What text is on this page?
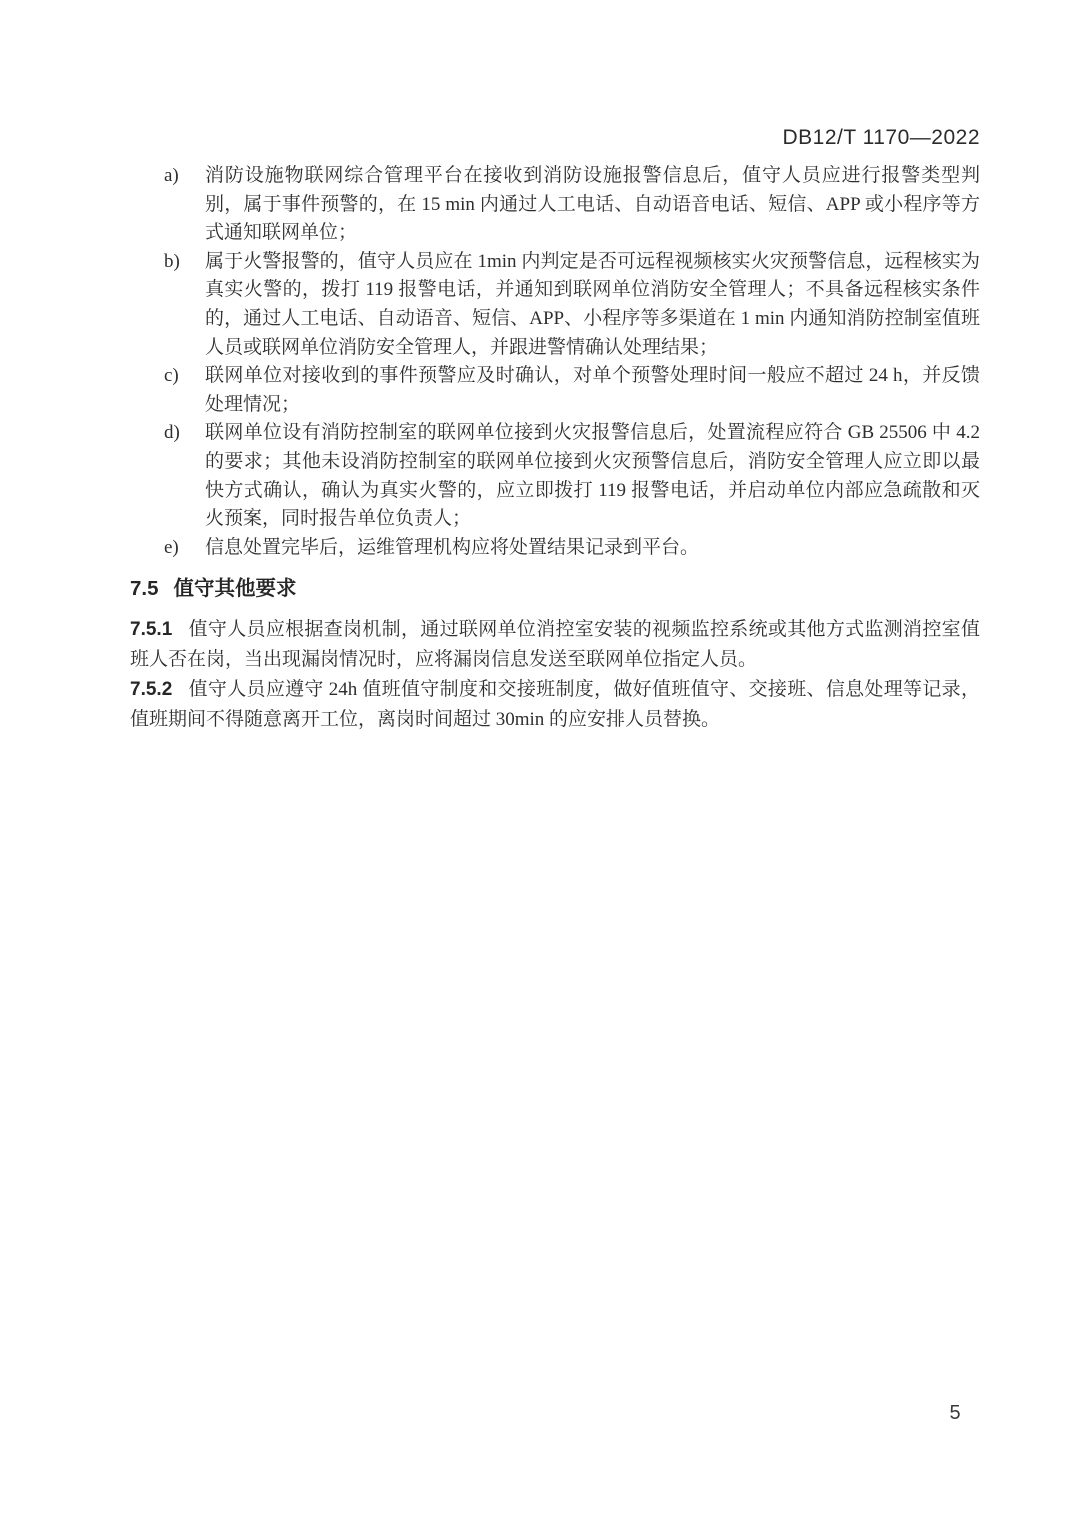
DB12/T 1170—2022
a) 消防设施物联网综合管理平台在接收到消防设施报警信息后，值守人员应进行报警类型判别，属于事件预警的，在 15 min 内通过人工电话、自动语音电话、短信、APP 或小程序等方式通知联网单位；
b) 属于火警报警的，值守人员应在 1min 内判定是否可远程视频核实火灾预警信息，远程核实为真实火警的，拨打 119 报警电话，并通知到联网单位消防安全管理人；不具备远程核实条件的，通过人工电话、自动语音、短信、APP、小程序等多渠道在 1 min 内通知消防控制室值班人员或联网单位消防安全管理人，并跟进警情确认处理结果；
c) 联网单位对接收到的事件预警应及时确认，对单个预警处理时间一般应不超过 24 h，并反馈处理情况；
d) 联网单位设有消防控制室的联网单位接到火灾报警信息后，处置流程应符合 GB 25506 中 4.2 的要求；其他未设消防控制室的联网单位接到火灾预警信息后，消防安全管理人应立即以最快方式确认，确认为真实火警的，应立即拨打 119 报警电话，并启动单位内部应急疏散和灭火预案，同时报告单位负责人；
e) 信息处置完毕后，运维管理机构应将处置结果记录到平台。
7.5 值守其他要求
7.5.1 值守人员应根据查岗机制，通过联网单位消控室安装的视频监控系统或其他方式监测消控室值班人否在岗，当出现漏岗情况时，应将漏岗信息发送至联网单位指定人员。
7.5.2 值守人员应遵守 24h 值班值守制度和交接班制度，做好值班值守、交接班、信息处理等记录，值班期间不得随意离开工位，离岗时间超过 30min 的应安排人员替换。
5
